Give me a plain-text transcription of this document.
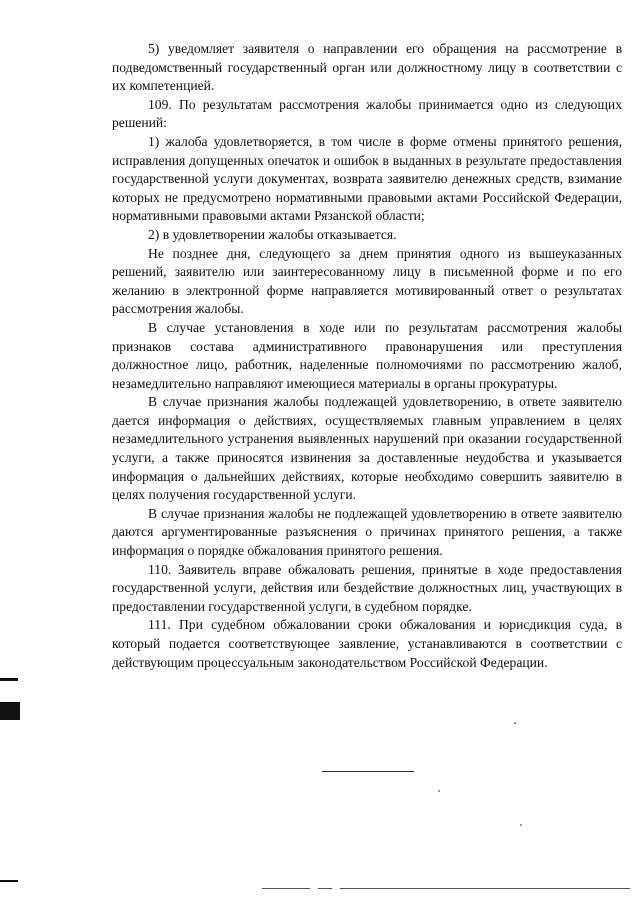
5) уведомляет заявителя о направлении его обращения на рассмотрение в подведомственный государственный орган или должностному лицу в соответствии с их компетенцией.

109. По результатам рассмотрения жалобы принимается одно из следующих решений:

1) жалоба удовлетворяется, в том числе в форме отмены принятого решения, исправления допущенных опечаток и ошибок в выданных в результате предоставления государственной услуги документах, возврата заявителю денежных средств, взимание которых не предусмотрено нормативными правовыми актами Российской Федерации, нормативными правовыми актами Рязанской области;

2) в удовлетворении жалобы отказывается.

Не позднее дня, следующего за днем принятия одного из вышеуказанных решений, заявителю или заинтересованному лицу в письменной форме и по его желанию в электронной форме направляется мотивированный ответ о результатах рассмотрения жалобы.

В случае установления в ходе или по результатам рассмотрения жалобы признаков состава административного правонарушения или преступления должностное лицо, работник, наделенные полномочиями по рассмотрению жалоб, незамедлительно направляют имеющиеся материалы в органы прокуратуры.

В случае признания жалобы подлежащей удовлетворению, в ответе заявителю дается информация о действиях, осуществляемых главным управлением в целях незамедлительного устранения выявленных нарушений при оказании государственной услуги, а также приносятся извинения за доставленные неудобства и указывается информация о дальнейших действиях, которые необходимо совершить заявителю в целях получения государственной услуги.

В случае признания жалобы не подлежащей удовлетворению в ответе заявителю даются аргументированные разъяснения о причинах принятого решения, а также информация о порядке обжалования принятого решения.

110. Заявитель вправе обжаловать решения, принятые в ходе предоставления государственной услуги, действия или бездействие должностных лиц, участвующих в предоставлении государственной услуги, в судебном порядке.

111. При судебном обжаловании сроки обжалования и юрисдикция суда, в который подается соответствующее заявление, устанавливаются в соответствии с действующим процессуальным законодательством Российской Федерации.
